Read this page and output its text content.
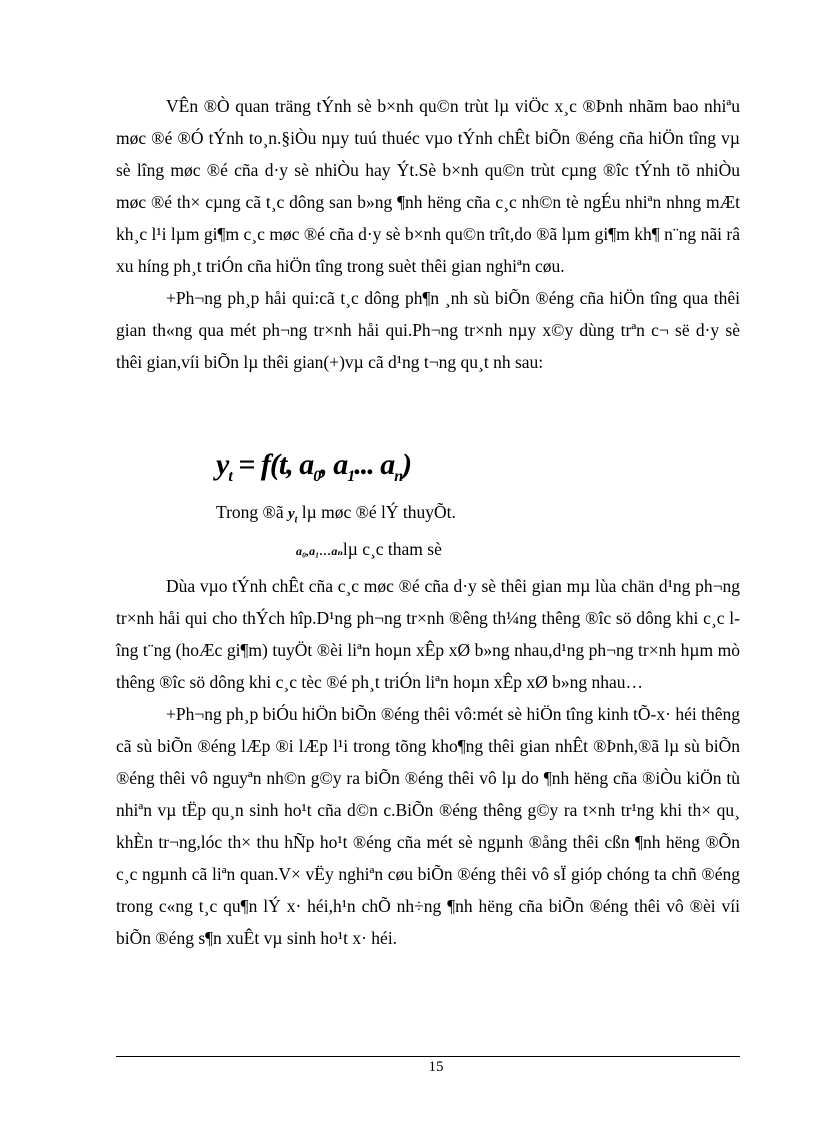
VÊn ®Ò quan träng tÝnh sè b×nh qu©n trùt lµ viÖc x¸c ®Þnh nhãm bao nhiªu møc ®é ®Ó tÝnh to¸n.§iÒu nµy tuú thuéc vµo tÝnh chÊt biÕn ®éng cña hiÖn tîng vµ sè lîng møc ®é cña d·y sè nhiÒu hay Ýt.Sè b×nh qu©n trùt cµng ®îc tÝnh tõ nhiÒu møc ®é th× cµng cã t¸c dông san b»ng ¶nh hëng cña c¸c nh©n tè ngÉu nhiªn nhng mÆt kh¸c l¹i lµm gi¶m c¸c møc ®é cña d·y sè b×nh qu©n trît,do ®ã lµm gi¶m kh¶ n¨ng nãi râ xu híng ph¸t triÓn cña hiÖn tîng trong suèt thêi gian nghiªn cøu.

+Ph¬ng ph¸p håi qui:cã t¸c dông ph¶n ¸nh sù biÕn ®éng cña hiÖn tîng qua thêi gian th«ng qua mét ph¬ng tr×nh håi qui.Ph¬ng tr×nh nµy x©y dùng trªn c¬ së d·y sè thêi gian,víi biÕn lµ thêi gian(+)vµ cã d¹ng t¬ng qu¸t nh sau:

$y_t = f(t$, $a_0$, $a_1$... $a_n$)
Trong ®ã $y_t$ lµ møc ®é lÝ thuyÕt.
a₀,a₁…aₙlµ c¸c tham sè

Dùa vµo tÝnh chÊt cña c¸c møc ®é cña d·y sè thêi gian mµ lùa chän d¹ng ph¬ng tr×nh håi qui cho thÝch hîp.D¹ng ph¬ng tr×nh ®êng th¼ng thêng ®îc sö dông khi c¸c lîng t¨ng (hoÆc gi¶m) tuyÖt ®èi liªn hoµn xÊp xØ b»ng nhau,d¹ng ph¬ng tr×nh hµm mò thêng ®îc sö dông khi c¸c tèc ®é ph¸t triÓn liªn hoµn xÊp xØ b»ng nhau…

+Ph¬ng ph¸p biÓu hiÖn biÕn ®éng thêi vô:mét sè hiÖn tîng kinh tÕ-x· héi thêng cã sù biÕn ®éng lÆp ®i lÆp l¹i trong tõng kho¶ng thêi gian nhÊt ®Þnh,®ã lµ sù biÕn ®éng thêi vô nguyªn nh©n g©y ra biÕn ®éng thêi vô lµ do ¶nh hëng cña ®iÒu kiÖn tù nhiªn vµ tËp qu¸n sinh ho¹t cña d©n c.BiÕn ®éng thêng g©y ra t×nh tr¹ng khi th× qu¸ khÈn tr¬ng,lóc th× thu hÑp ho¹t ®éng cña mét sè ngµnh ®ång thêi cßn ¶nh hëng ®Õn c¸c ngµnh cã liªn quan.V× vËy nghiªn cøu biÕn ®éng thêi vô sÏ gióp chóng ta chñ ®éng trong c«ng t¸c qu¶n lÝ x· héi,h¹n chÕ nh÷ng ¶nh hëng cña biÕn ®éng thêi vô ®èi víi biÕn ®éng s¶n xuÊt vµ sinh ho¹t x· héi.

15
